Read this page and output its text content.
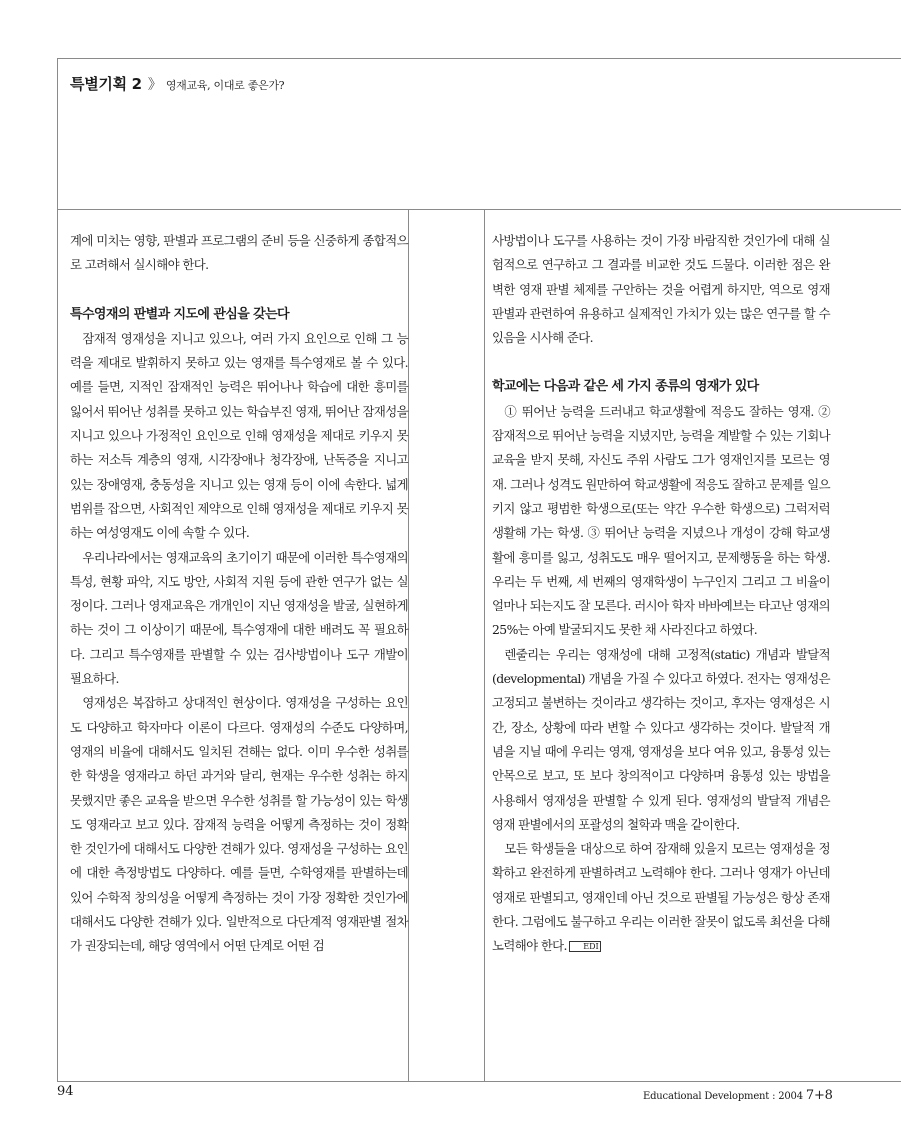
특별기획 2 》 영재교육, 이대로 좋은가?

계에 미치는 영향, 판별과 프로그램의 준비 등을 신중하게 종합적으로 고려해서 실시해야 한다.

특수영재의 판별과 지도에 관심을 갖는다

잠재적 영재성을 지니고 있으나, 여러 가지 요인으로 인해 그 능력을 제대로 발휘하지 못하고 있는 영재를 특수영재로 볼 수 있다. 예를 들면, 지적인 잠재적인 능력은 뛰어나나 학습에 대한 흥미를 잃어서 뛰어난 성취를 못하고 있는 학습부진 영재, 뛰어난 잠재성을 지니고 있으나 가정적인 요인으로 인해 영재성을 제대로 키우지 못하는 저소득 계층의 영재, 시각장애나 청각장애, 난독증을 지니고 있는 장애영재, 충동성을 지니고 있는 영재 등이 이에 속한다. 넓게 범위를 잡으면, 사회적인 제약으로 인해 영재성을 제대로 키우지 못하는 여성영재도 이에 속할 수 있다.

우리나라에서는 영재교육의 초기이기 때문에 이러한 특수영재의 특성, 현황 파악, 지도 방안, 사회적 지원 등에 관한 연구가 없는 실정이다. 그러나 영재교육은 개개인이 지닌 영재성을 발굴, 실현하게 하는 것이 그 이상이기 때문에, 특수영재에 대한 배려도 꼭 필요하다. 그리고 특수영재를 판별할 수 있는 검사방법이나 도구 개발이 필요하다.

영재성은 복잡하고 상대적인 현상이다. 영재성을 구성하는 요인도 다양하고 학자마다 이론이 다르다. 영재성의 수준도 다양하며, 영재의 비율에 대해서도 일치된 견해는 없다. 이미 우수한 성취를 한 학생을 영재라고 하던 과거와 달리, 현재는 우수한 성취는 하지 못했지만 좋은 교육을 받으면 우수한 성취를 할 가능성이 있는 학생도 영재라고 보고 있다. 잠재적 능력을 어떻게 측정하는 것이 정확한 것인가에 대해서도 다양한 견해가 있다. 영재성을 구성하는 요인에 대한 측정방법도 다양하다. 예를 들면, 수학영재를 판별하는데 있어 수학적 창의성을 어떻게 측정하는 것이 가장 정확한 것인가에 대해서도 다양한 견해가 있다. 일반적으로 다단계적 영재판별 절차가 권장되는데, 해당 영역에서 어떤 단계로 어떤 검

사방법이나 도구를 사용하는 것이 가장 바람직한 것인가에 대해 실험적으로 연구하고 그 결과를 비교한 것도 드물다. 이러한 점은 완벽한 영재 판별 체제를 구안하는 것을 어렵게 하지만, 역으로 영재판별과 관련하여 유용하고 실제적인 가치가 있는 많은 연구를 할 수 있음을 시사해 준다.

학교에는 다음과 같은 세 가지 종류의 영재가 있다

① 뛰어난 능력을 드러내고 학교생활에 적응도 잘하는 영재. ② 잠재적으로 뛰어난 능력을 지녔지만, 능력을 계발할 수 있는 기회나 교육을 받지 못해, 자신도 주위 사람도 그가 영재인지를 모르는 영재. 그러나 성격도 원만하여 학교생활에 적응도 잘하고 문제를 일으키지 않고 평범한 학생으로(또는 약간 우수한 학생으로) 그럭저럭 생활해 가는 학생. ③ 뛰어난 능력을 지녔으나 개성이 강해 학교생활에 흥미를 잃고, 성취도도 매우 떨어지고, 문제행동을 하는 학생. 우리는 두 번째, 세 번째의 영재학생이 누구인지 그리고 그 비율이 얼마나 되는지도 잘 모른다. 러시아 학자 바바예브는 타고난 영재의 25%는 아예 발굴되지도 못한 채 사라진다고 하였다.

렌줄리는 우리는 영재성에 대해 고정적(static) 개념과 발달적(developmental) 개념을 가질 수 있다고 하였다. 전자는 영재성은 고정되고 불변하는 것이라고 생각하는 것이고, 후자는 영재성은 시간, 장소, 상황에 따라 변할 수 있다고 생각하는 것이다. 발달적 개념을 지닐 때에 우리는 영재, 영재성을 보다 여유 있고, 융통성 있는 안목으로 보고, 또 보다 창의적이고 다양하며 융통성 있는 방법을 사용해서 영재성을 판별할 수 있게 된다. 영재성의 발달적 개념은 영재 판별에서의 포괄성의 철학과 맥을 같이한다.

모든 학생들을 대상으로 하여 잠재해 있을지 모르는 영재성을 정확하고 완전하게 판별하려고 노력해야 한다. 그러나 영재가 아닌데 영재로 판별되고, 영재인데 아닌 것으로 판별될 가능성은 항상 존재한다. 그럼에도 불구하고 우리는 이러한 잘못이 없도록 최선을 다해 노력해야 한다. EDI

94	Educational Development : 2004 7+8
